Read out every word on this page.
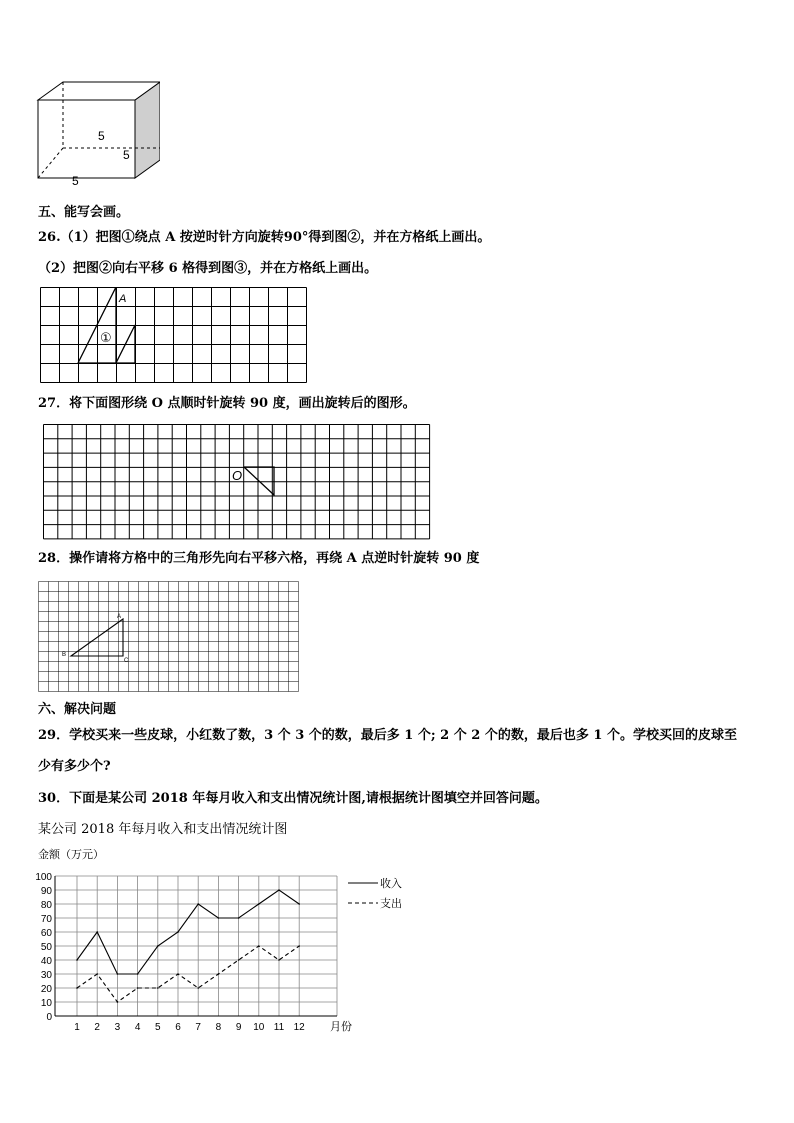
5
5
5
五、能写会画。
26.（1）把图①绕点 A 按逆时针方向旋转90°得到图②，并在方格纸上画出。
（2）把图②向右平移 6 格得到图③，并在方格纸上画出。
A
①
27．将下面图形绕 O 点顺时针旋转 90 度，画出旋转后的图形。
O
28．操作请将方格中的三角形先向右平移六格，再绕 A 点逆时针旋转 90 度
A
B
C
六、解决问题
29．学校买来一些皮球，小红数了数，3 个 3 个的数，最后多 1 个; 2 个 2 个的数，最后也多 1 个。学校买回的皮球至
少有多少个?
30．下面是某公司 2018 年每月收入和支出情况统计图,请根据统计图填空并回答问题。
某公司 2018 年每月收入和支出情况统计图
金额（万元）
0
10
20
30
40
50
60
70
80
90
100
1 2 3 4 5 6 7 8 9 10 11 12 月份
收入
支出
